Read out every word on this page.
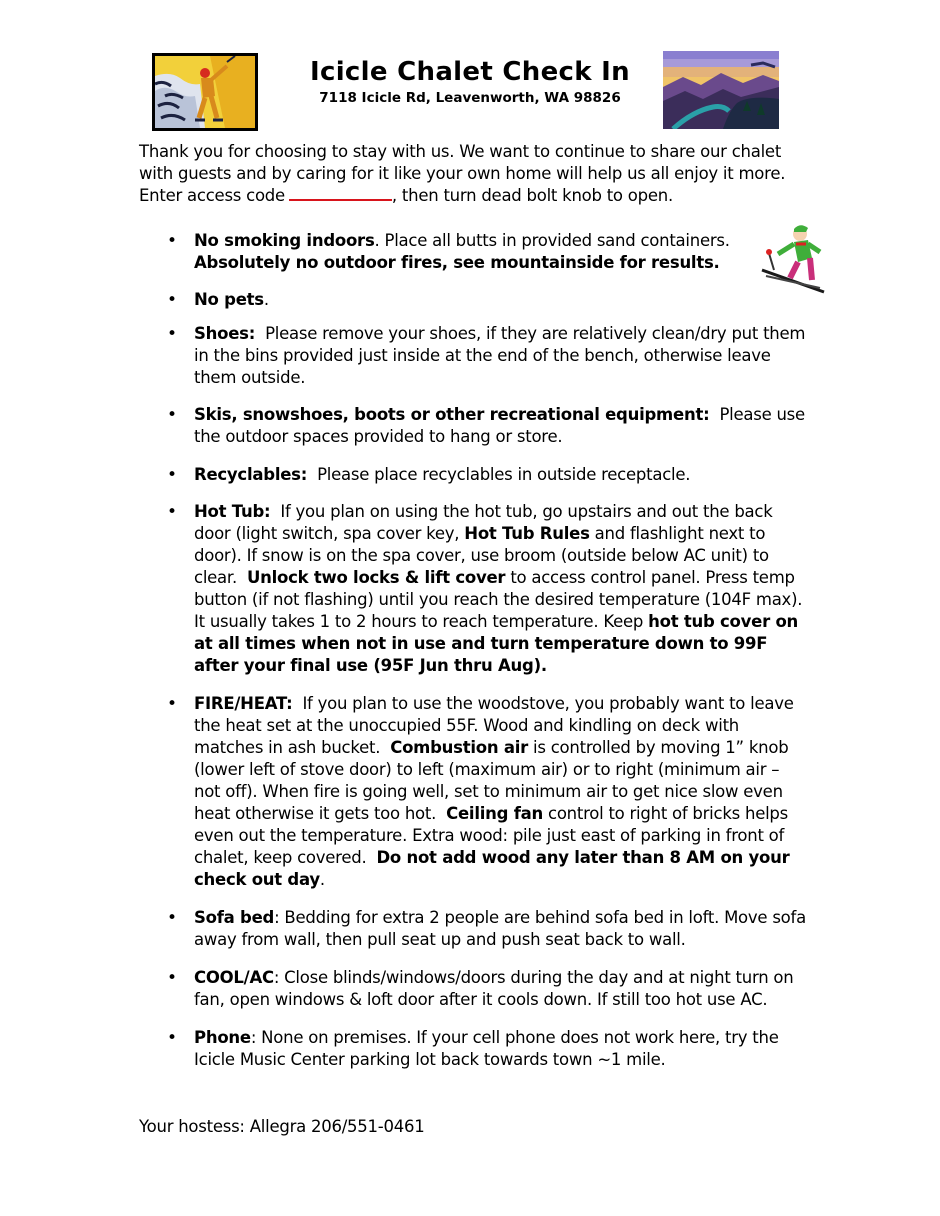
Icicle Chalet Check In
7118 Icicle Rd, Leavenworth, WA 98826
Thank you for choosing to stay with us. We want to continue to share our chalet
with guests and by caring for it like your own home will help us all enjoy it more.
Enter access code	, then turn dead bolt knob to open.
• No smoking indoors. Place all butts in provided sand containers.
Absolutely no outdoor fires, see mountainside for results.
• No pets.
• Shoes: Please remove your shoes, if they are relatively clean/dry put them in the bins provided just inside at the end of the bench, otherwise leave them outside.
• Skis, snowshoes, boots or other recreational equipment: Please use the outdoor spaces provided to hang or store.
• Recyclables: Please place recyclables in outside receptacle.
• Hot Tub: If you plan on using the hot tub, go upstairs and out the back door (light switch, spa cover key, Hot Tub Rules and flashlight next to door). If snow is on the spa cover, use broom (outside below AC unit) to clear. Unlock two locks & lift cover to access control panel. Press temp button (if not flashing) until you reach the desired temperature (104F max). It usually takes 1 to 2 hours to reach temperature. Keep hot tub cover on at all times when not in use and turn temperature down to 99F after your final use (95F Jun thru Aug).
• FIRE/HEAT: If you plan to use the woodstove, you probably want to leave the heat set at the unoccupied 55F. Wood and kindling on deck with matches in ash bucket. Combustion air is controlled by moving 1” knob (lower left of stove door) to left (maximum air) or to right (minimum air – not off). When fire is going well, set to minimum air to get nice slow even heat otherwise it gets too hot. Ceiling fan control to right of bricks helps even out the temperature. Extra wood: pile just east of parking in front of chalet, keep covered. Do not add wood any later than 8 AM on your check out day.
• Sofa bed: Bedding for extra 2 people are behind sofa bed in loft. Move sofa away from wall, then pull seat up and push seat back to wall.
• COOL/AC: Close blinds/windows/doors during the day and at night turn on fan, open windows & loft door after it cools down. If still too hot use AC.
• Phone: None on premises. If your cell phone does not work here, try the Icicle Music Center parking lot back towards town ~1 mile.
Your hostess: Allegra 206/551-0461
